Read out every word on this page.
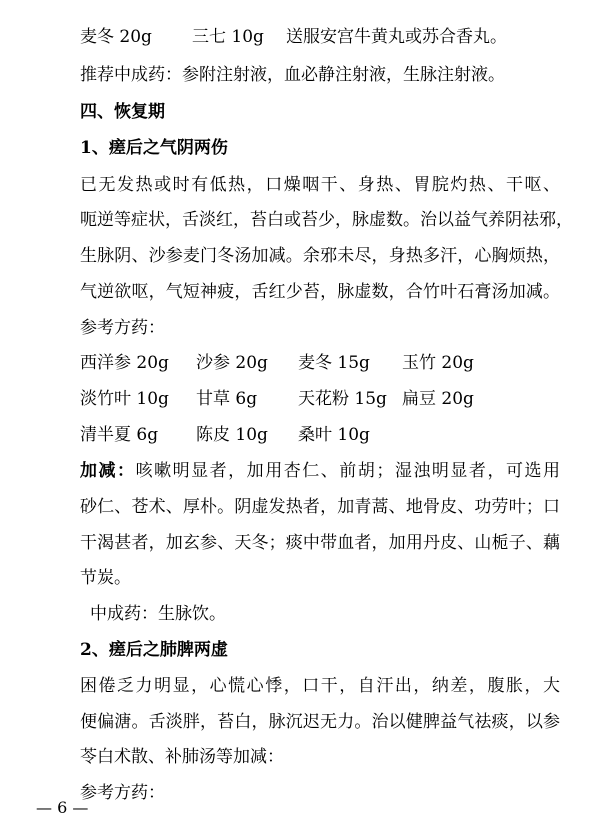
麦冬 20g 三七 10g 送服安宫牛黄丸或苏合香丸。
推荐中成药：参附注射液，血必静注射液，生脉注射液。
四、恢复期
1、瘥后之气阴两伤
已无发热或时有低热，口燥咽干、身热、胃脘灼热、干呕、
呃逆等症状，舌淡红，苔白或苔少，脉虚数。治以益气养阴祛邪，
生脉阴、沙参麦门冬汤加减。余邪未尽，身热多汗，心胸烦热，
气逆欲呕，气短神疲，舌红少苔，脉虚数，合竹叶石膏汤加减。
参考方药：
西洋参 20g 沙参 20g 麦冬 15g 玉竹 20g
淡竹叶 10g 甘草 6g 天花粉 15g 扁豆 20g
清半夏 6g 陈皮 10g 桑叶 10g
加减：咳嗽明显者，加用杏仁、前胡；湿浊明显者，可选用
砂仁、苍术、厚朴。阴虚发热者，加青蒿、地骨皮、功劳叶；口
干渴甚者，加玄参、天冬；痰中带血者，加用丹皮、山栀子、藕
节炭。
中成药：生脉饮。
2、瘥后之肺脾两虚
困倦乏力明显，心慌心悸，口干，自汗出，纳差，腹胀，大
便偏溏。舌淡胖，苔白，脉沉迟无力。治以健脾益气祛痰，以参
苓白术散、补肺汤等加减：
参考方药：
— 6 —
